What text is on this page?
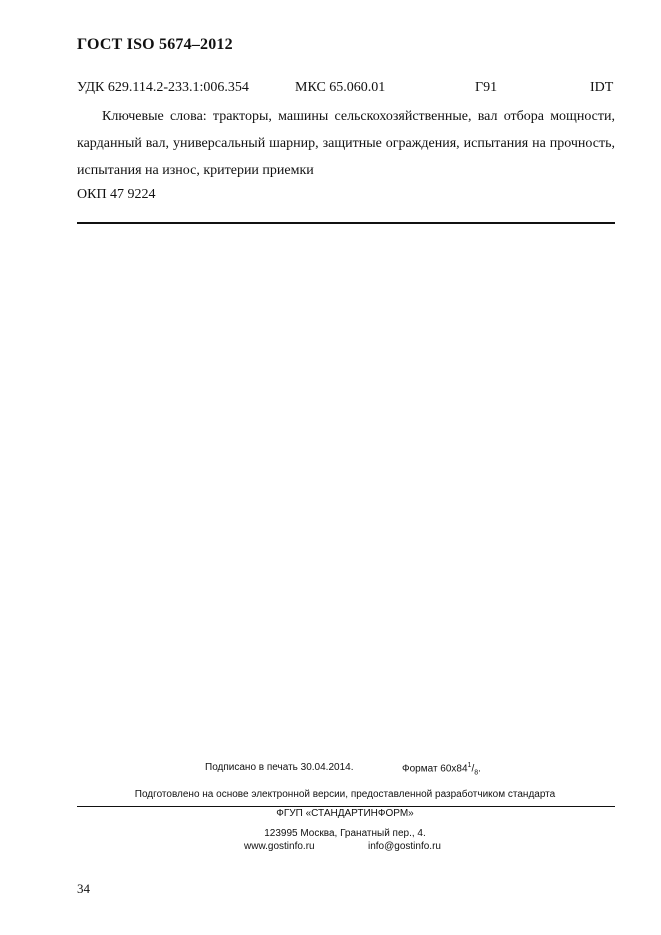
ГОСТ ISO 5674–2012
УДК 629.114.2-233.1:006.354	МКС 65.060.01	Г91	IDT
Ключевые слова: тракторы, машины сельскохозяйственные, вал отбора мощности, карданный вал, универсальный шарнир, защитные ограждения, испытания на прочность, испытания на износ, критерии приемки
ОКП 47 9224
Подписано в печать 30.04.2014.	Формат $60x84^1/_8$.
Подготовлено на основе электронной версии, предоставленной разработчиком стандарта
ФГУП «СТАНДАРТИНФОРМ»
123995 Москва, Гранатный пер., 4.
www.gostinfo.ru	info@gostinfo.ru
34
